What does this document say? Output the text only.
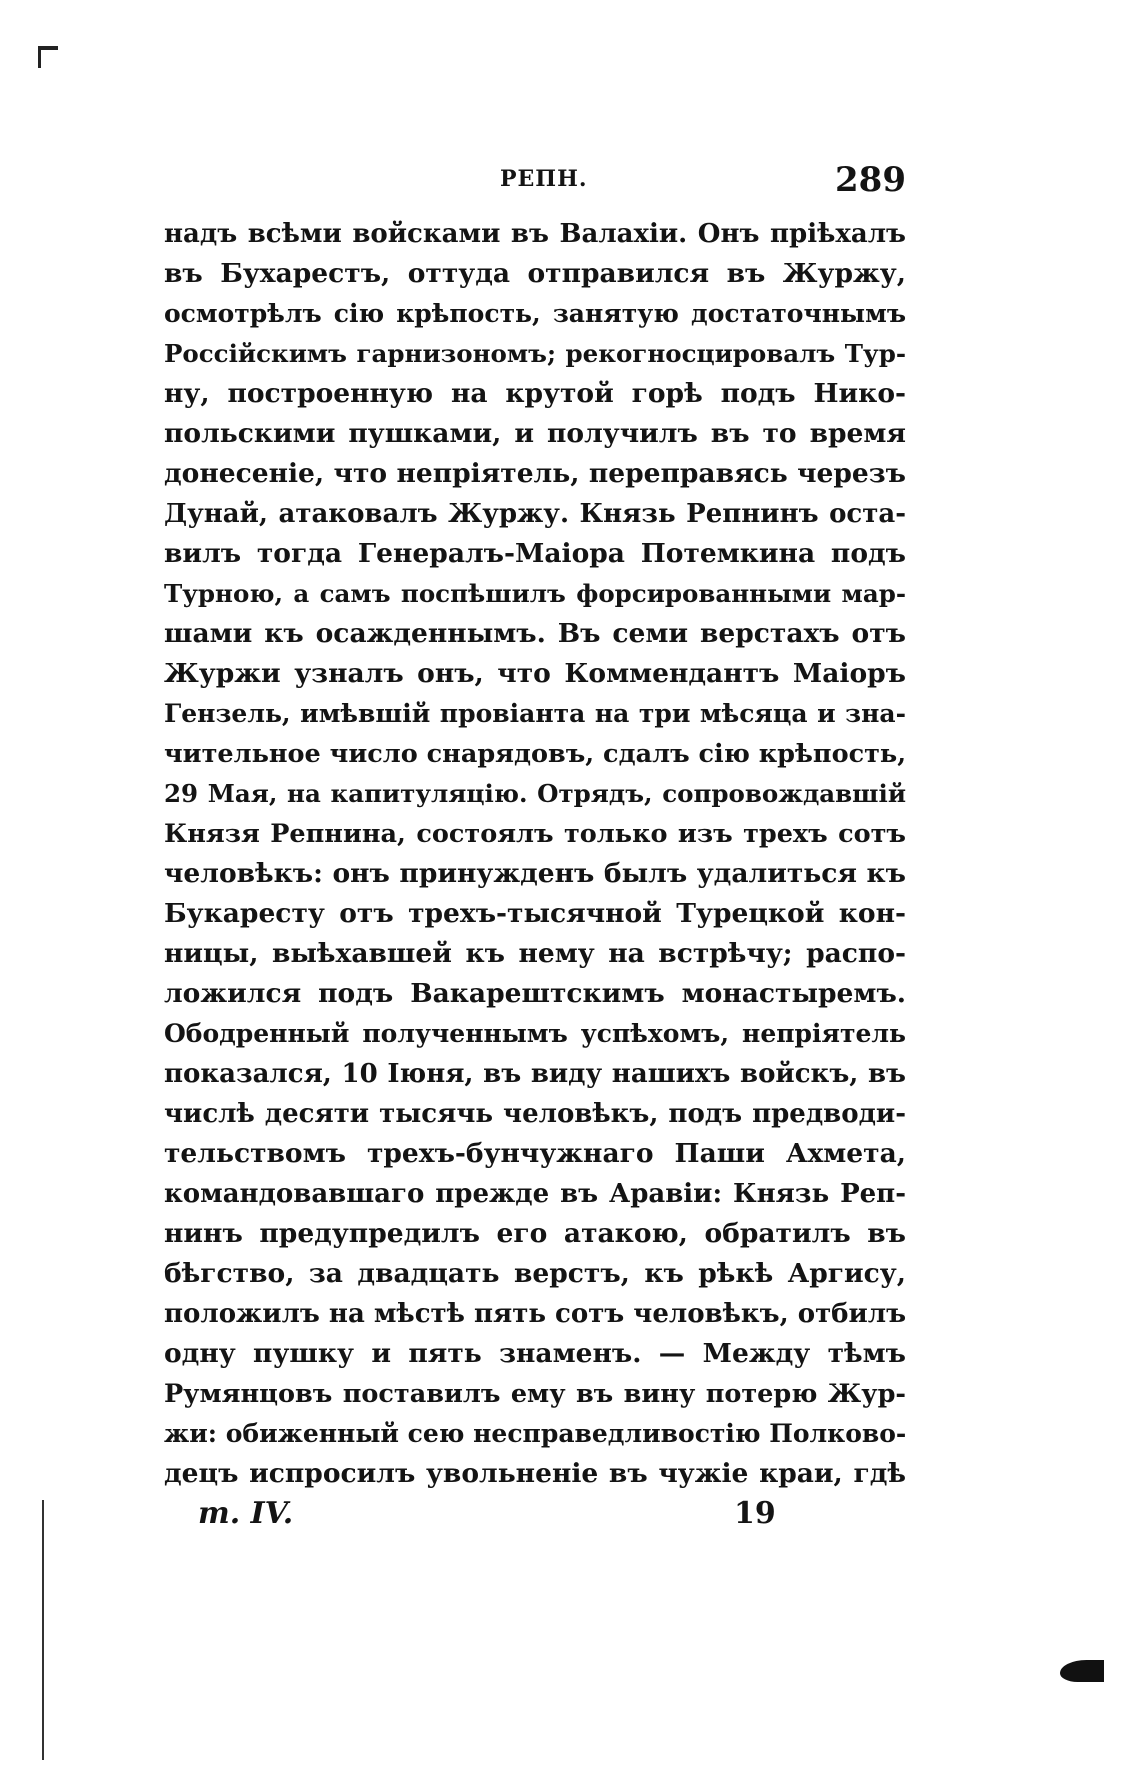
РЕПН.	289
надъ всѣми войсками въ Валахіи. Онъ пріѣхалъ
въ Бухарестъ, оттуда отправился въ Журжу,
осмотрѣлъ сію крѣпость, занятую достаточнымъ
Россійскимъ гарнизономъ; рекогносцировалъ Тур-
ну, построенную на крутой горѣ подъ Нико-
польскими пушками, и получилъ въ то время
донесеніе, что непріятель, переправясь черезъ
Дунай, атаковалъ Журжу. Князь Репнинъ оста-
вилъ тогда Генералъ-Маіора Потемкина подъ
Турною, а самъ поспѣшилъ форсированными мар-
шами къ осажденнымъ. Въ семи верстахъ отъ
Журжи узналъ онъ, что Коммендантъ Маіоръ
Гензель, имѣвшій провіанта на три мѣсяца и зна-
чительное число снарядовъ, сдалъ сію крѣпость,
29 Мая, на капитуляцію. Отрядъ, сопровождавшій
Князя Репнина, состоялъ только изъ трехъ сотъ
человѣкъ: онъ принужденъ былъ удалиться къ
Букаресту отъ трехъ-тысячной Турецкой кон-
ницы, выѣхавшей къ нему на встрѣчу; распо-
ложился подъ Вакарештскимъ монастыремъ.
Ободренный полученнымъ успѣхомъ, непріятель
показался, 10 Іюня, въ виду нашихъ войскъ, въ
числѣ десяти тысячь человѣкъ, подъ предводи-
тельствомъ трехъ-бунчужнаго Паши Ахмета,
командовавшаго прежде въ Аравіи: Князь Реп-
нинъ предупредилъ его атакою, обратилъ въ
бѣгство, за двадцать верстъ, къ рѣкѣ Аргису,
положилъ на мѣстѣ пять сотъ человѣкъ, отбилъ
одну пушку и пять знаменъ. — Между тѣмъ
Румянцовъ поставилъ ему въ вину потерю Жур-
жи: обиженный сею несправедливостію Полково-
децъ испросилъ увольненіе въ чужіе краи, гдѣ
т. IV.	19
